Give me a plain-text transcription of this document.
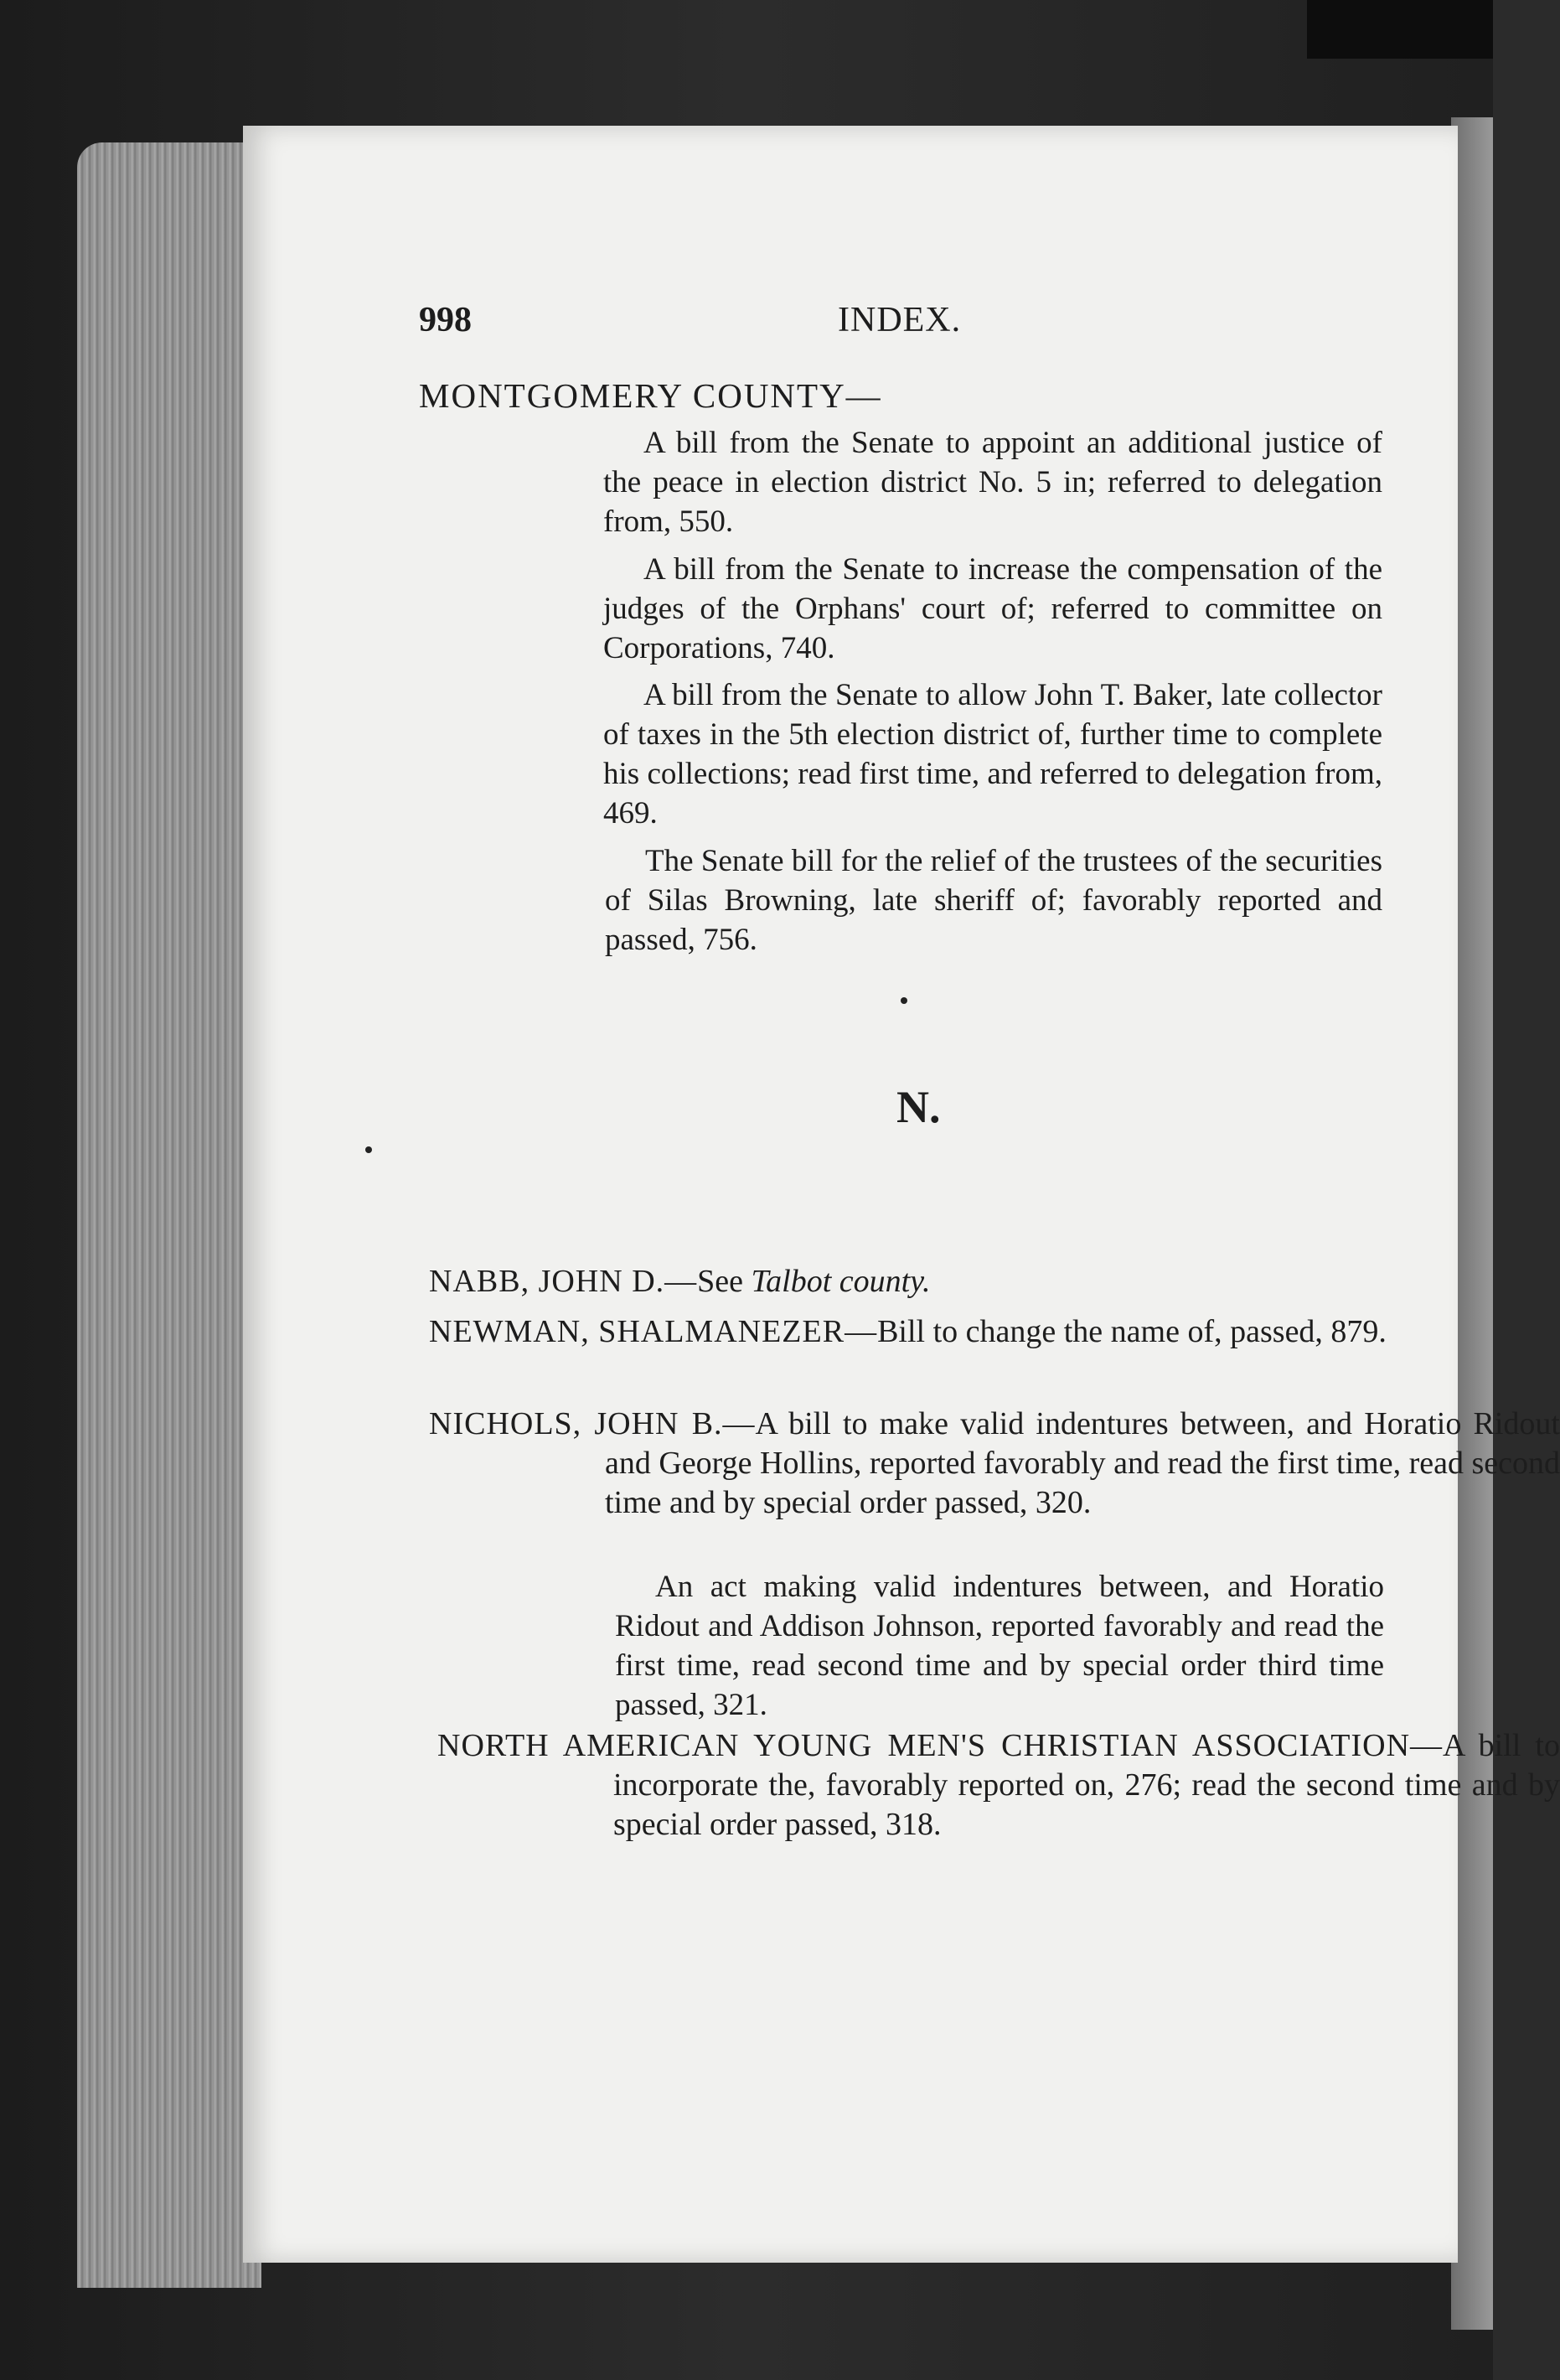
998	INDEX.
MONTGOMERY COUNTY—
A bill from the Senate to appoint an additional justice of the peace in election district No. 5 in; referred to delegation from, 550.
A bill from the Senate to increase the compensation of the judges of the Orphans' court of; referred to committee on Corporations, 740.
A bill from the Senate to allow John T. Baker, late collector of taxes in the 5th election district of, further time to complete his collections; read first time, and referred to delegation from, 469.
The Senate bill for the relief of the trustees of the securities of Silas Browning, late sheriff of; favorably reported and passed, 756.
N.
NABB, JOHN D.—See Talbot county.
NEWMAN, SHALMANEZER—Bill to change the name of, passed, 879.
NICHOLS, JOHN B.—A bill to make valid indentures between, and Horatio Ridout and George Hollins, reported favorably and read the first time, read second time and by special order passed, 320.
An act making valid indentures between, and Horatio Ridout and Addison Johnson, reported favorably and read the first time, read second time and by special order third time passed, 321.
NORTH AMERICAN YOUNG MEN'S CHRISTIAN ASSOCIATION—A bill to incorporate the, favorably reported on, 276; read the second time and by special order passed, 318.
